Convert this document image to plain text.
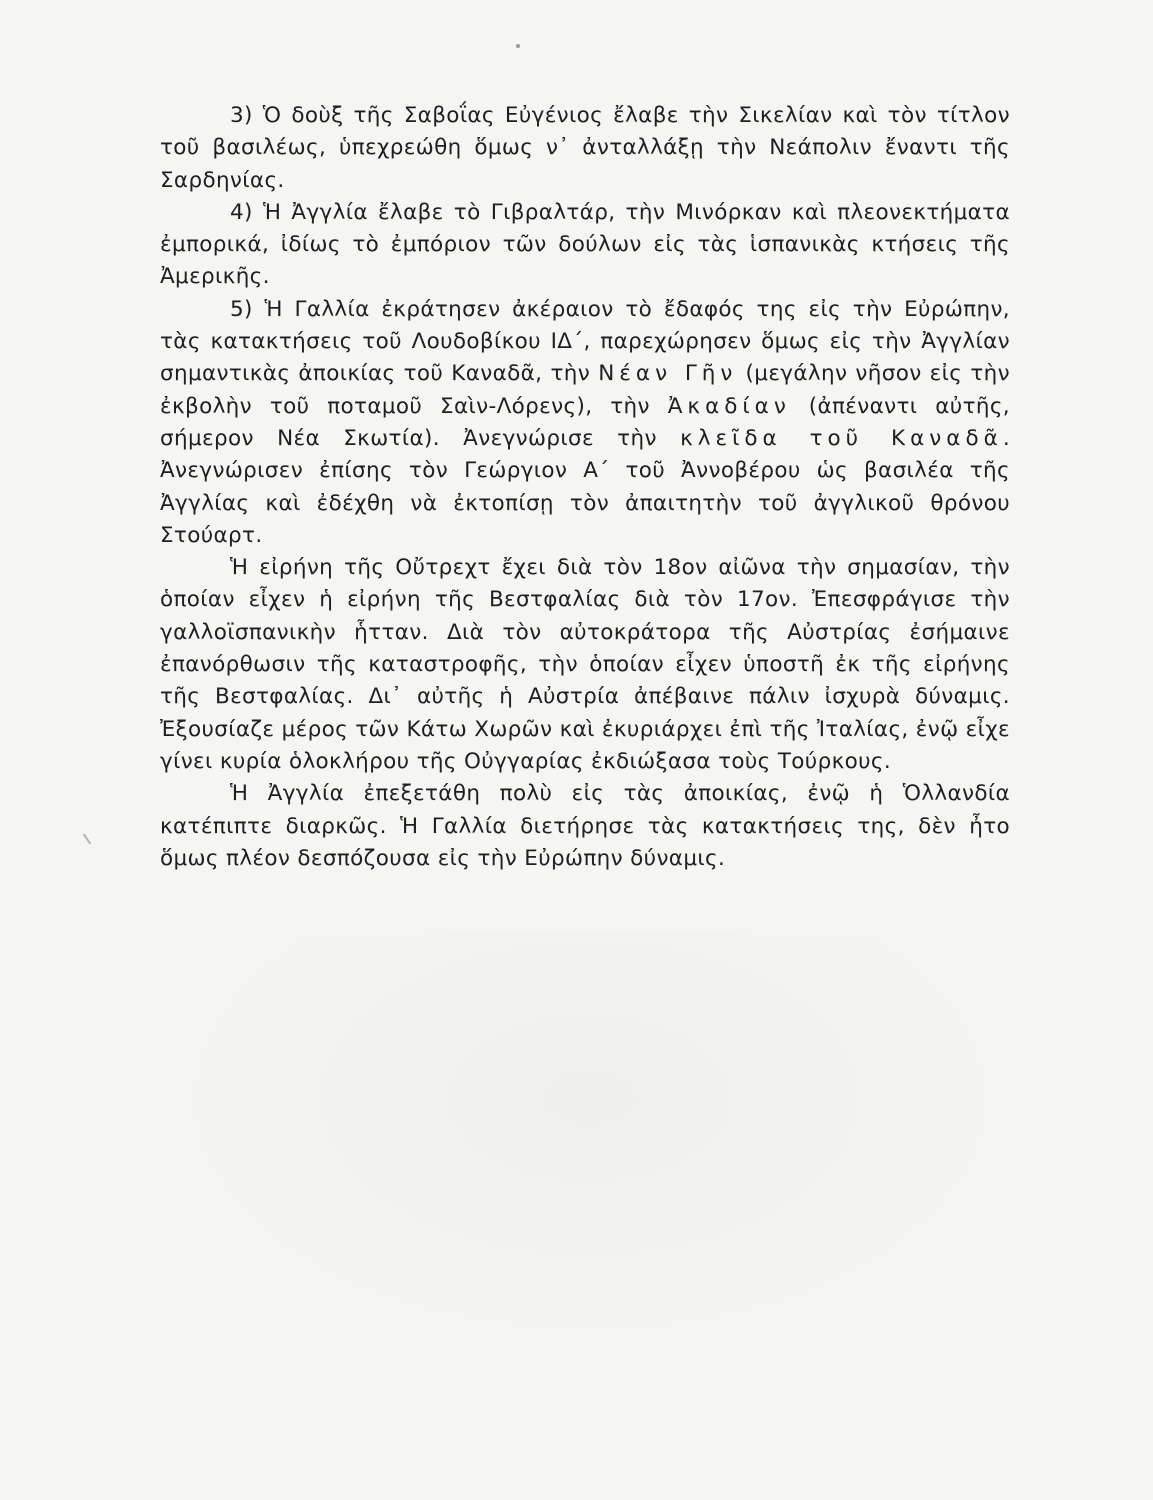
3) Ὁ δοὺξ τῆς Σαβοΐας Εὐγένιος ἔλαβε τὴν Σικελίαν καὶ τὸν τίτλον τοῦ βασιλέως, ὑπεχρεώθη ὅμως ν᾽ ἀνταλλάξῃ τὴν Νεάπολιν ἔναντι τῆς Σαρδηνίας.

4) Ἡ Ἀγγλία ἔλαβε τὸ Γιβραλτάρ, τὴν Μινόρκαν καὶ πλεονεκτήματα ἐμπορικά, ἰδίως τὸ ἐμπόριον τῶν δούλων εἰς τὰς ἱσπανικὰς κτήσεις τῆς Ἀμερικῆς.

5) Ἡ Γαλλία ἐκράτησεν ἀκέραιον τὸ ἔδαφός της εἰς τὴν Εὐρώπην, τὰς κατακτήσεις τοῦ Λουδοβίκου ΙΔ΄, παρεχώρησεν ὅμως εἰς τὴν Ἀγγλίαν σημαντικὰς ἀποικίας τοῦ Καναδᾶ, τὴν Νέαν Γῆν (μεγάλην νῆσον εἰς τὴν ἐκβολὴν τοῦ ποταμοῦ Σαὶν-Λόρενς), τὴν Ἀκαδίαν (ἀπέναντι αὐτῆς, σήμερον Νέα Σκωτία). Ἀνεγνώρισε τὴν κλεῖδα τοῦ Καναδᾶ. Ἀνεγνώρισεν ἐπίσης τὸν Γεώργιον Α΄ τοῦ Ἀννοβέρου ὡς βασιλέα τῆς Ἀγγλίας καὶ ἐδέχθη νὰ ἐκτοπίσῃ τὸν ἀπαιτητὴν τοῦ ἀγγλικοῦ θρόνου Στούαρτ.

Ἡ εἰρήνη τῆς Οὔτρεχτ ἔχει διὰ τὸν 18ον αἰῶνα τὴν σημασίαν, τὴν ὁποίαν εἶχεν ἡ εἰρήνη τῆς Βεστφαλίας διὰ τὸν 17ον. Ἐπεσφράγισε τὴν γαλλοϊσπανικὴν ἧτταν. Διὰ τὸν αὐτοκράτορα τῆς Αὐστρίας ἐσήμαινε ἐπανόρθωσιν τῆς καταστροφῆς, τὴν ὁποίαν εἶχεν ὑποστῆ ἐκ τῆς εἰρήνης τῆς Βεστφαλίας. Δι᾽ αὐτῆς ἡ Αὐστρία ἀπέβαινε πάλιν ἰσχυρὰ δύναμις. Ἐξουσίαζε μέρος τῶν Κάτω Χωρῶν καὶ ἐκυριάρχει ἐπὶ τῆς Ἰταλίας, ἐνῷ εἶχε γίνει κυρία ὁλοκλήρου τῆς Οὐγγαρίας ἐκδιώξασα τοὺς Τούρκους.

Ἡ Ἀγγλία ἐπεξετάθη πολὺ εἰς τὰς ἀποικίας, ἐνῷ ἡ Ὁλλανδία κατέπιπτε διαρκῶς. Ἡ Γαλλία διετήρησε τὰς κατακτήσεις της, δὲν ἦτο ὅμως πλέον δεσπόζουσα εἰς τὴν Εὐρώπην δύναμις.
